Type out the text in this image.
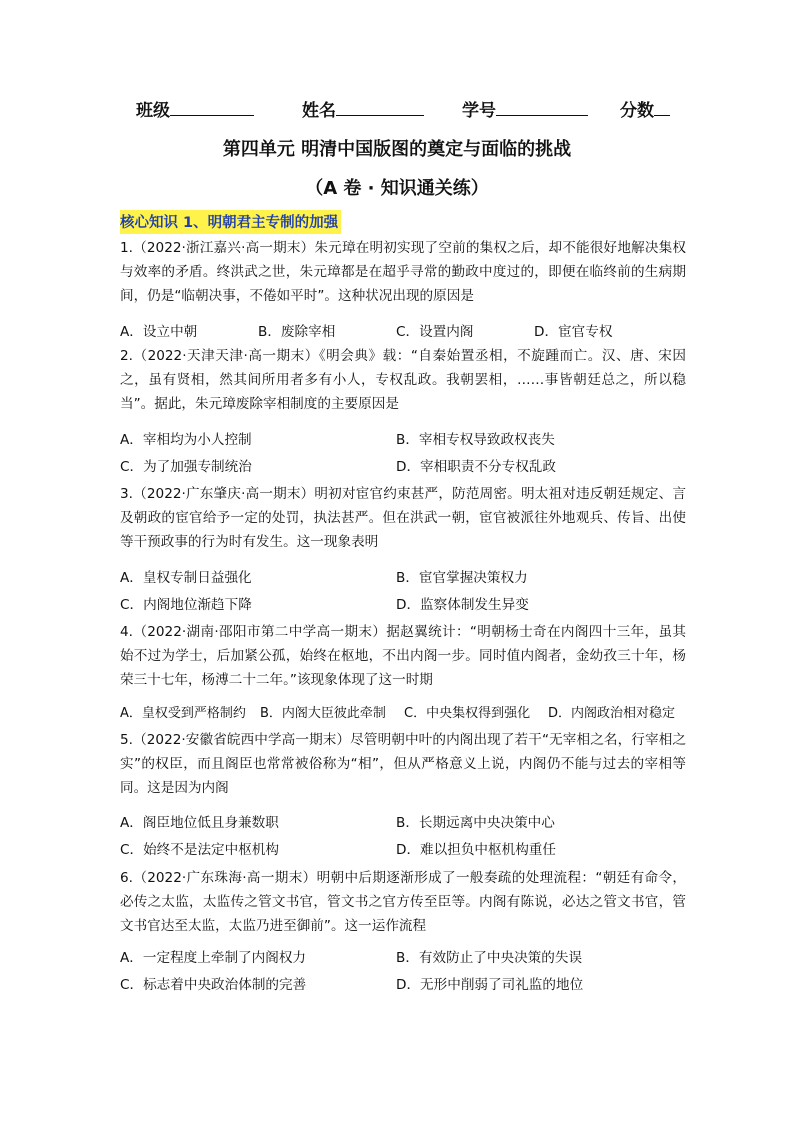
班级	姓名	学号	分数
第四单元 明清中国版图的奠定与面临的挑战
（A 卷 · 知识通关练）
核心知识 1、明朝君主专制的加强

1.（2022·浙江嘉兴·高一期末）朱元璋在明初实现了空前的集权之后，却不能很好地解决集权与效率的矛盾。终洪武之世，朱元璋都是在超乎寻常的勤政中度过的，即便在临终前的生病期间，仍是“临朝决事，不倦如平时”。这种状况出现的原因是

A．设立中朝	B．废除宰相	C．设置内阁	D．宦官专权

2.（2022·天津天津·高一期末）《明会典》载：“自秦始置丞相，不旋踵而亡。汉、唐、宋因之，虽有贤相，然其间所用者多有小人，专权乱政。我朝罢相，……事皆朝廷总之，所以稳当”。据此，朱元璋废除宰相制度的主要原因是

A．宰相均为小人控制	B．宰相专权导致政权丧失
C．为了加强专制统治	D．宰相职责不分专权乱政

3.（2022·广东肇庆·高一期末）明初对宦官约束甚严，防范周密。明太祖对违反朝廷规定、言及朝政的宦官给予一定的处罚，执法甚严。但在洪武一朝，宦官被派往外地观兵、传旨、出使等干预政事的行为时有发生。这一现象表明

A．皇权专制日益强化	B．宦官掌握决策权力
C．内阁地位渐趋下降	D．监察体制发生异变

4.（2022·湖南·邵阳市第二中学高一期末）据赵翼统计：“明朝杨士奇在内阁四十三年，虽其始不过为学士，后加紧公孤，始终在枢地，不出内阁一步。同时值内阁者，金幼孜三十年，杨荣三十七年，杨溥二十二年。”该现象体现了这一时期

A．皇权受到严格制约 B．内阁大臣彼此牵制 C．中央集权得到强化 D．内阁政治相对稳定

5.（2022·安徽省皖西中学高一期末）尽管明朝中叶的内阁出现了若干“无宰相之名，行宰相之实”的权臣，而且阁臣也常常被俗称为“相”，但从严格意义上说，内阁仍不能与过去的宰相等同。这是因为内阁

A．阁臣地位低且身兼数职	B．长期远离中央决策中心
C．始终不是法定中枢机构	D．难以担负中枢机构重任

6.（2022·广东珠海·高一期末）明朝中后期逐渐形成了一般奏疏的处理流程：“朝廷有命令，必传之太监，太监传之管文书官，管文书之官方传至臣等。内阁有陈说，必达之管文书官，管文书官达至太监，太监乃进至御前”。这一运作流程

A．一定程度上牵制了内阁权力	B．有效防止了中央决策的失误
C．标志着中央政治体制的完善	D．无形中削弱了司礼监的地位
